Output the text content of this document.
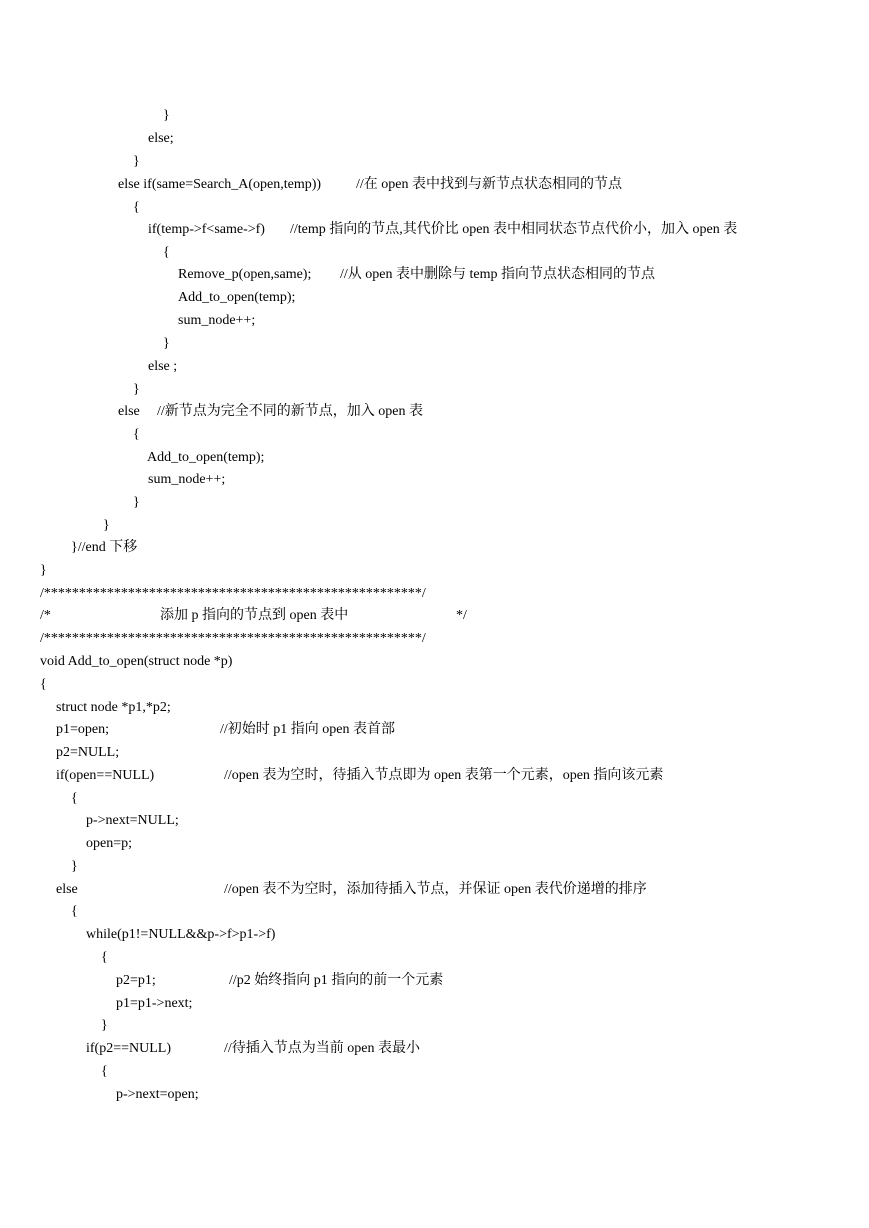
}
else;
}
else if(same=Search_A(open,temp)) //在 open 表中找到与新节点状态相同的节点
{
if(temp->f<same->f) //temp 指向的节点,其代价比 open 表中相同状态节点代价小，加入 open 表
{
Remove_p(open,same); //从 open 表中删除与 temp 指向节点状态相同的节点
Add_to_open(temp);
sum_node++;
}
else ;
}
else //新节点为完全不同的新节点，加入 open 表
{
Add_to_open(temp);
sum_node++;
}
}
}//end 下移
}
/******************************************************/
/*	添加 p 指向的节点到 open 表中	*/
/******************************************************/
void Add_to_open(struct node *p)
{
struct node *p1,*p2;
p1=open;	//初始时 p1 指向 open 表首部
p2=NULL;
if(open==NULL)	//open 表为空时，待插入节点即为 open 表第一个元素，open 指向该元素
{
p->next=NULL;
open=p;
}
else	//open 表不为空时，添加待插入节点，并保证 open 表代价递增的排序
{
while(p1!=NULL&&p->f>p1->f)
{
p2=p1;	//p2 始终指向 p1 指向的前一个元素
p1=p1->next;
}
if(p2==NULL)	//待插入节点为当前 open 表最小
{
p->next=open;
